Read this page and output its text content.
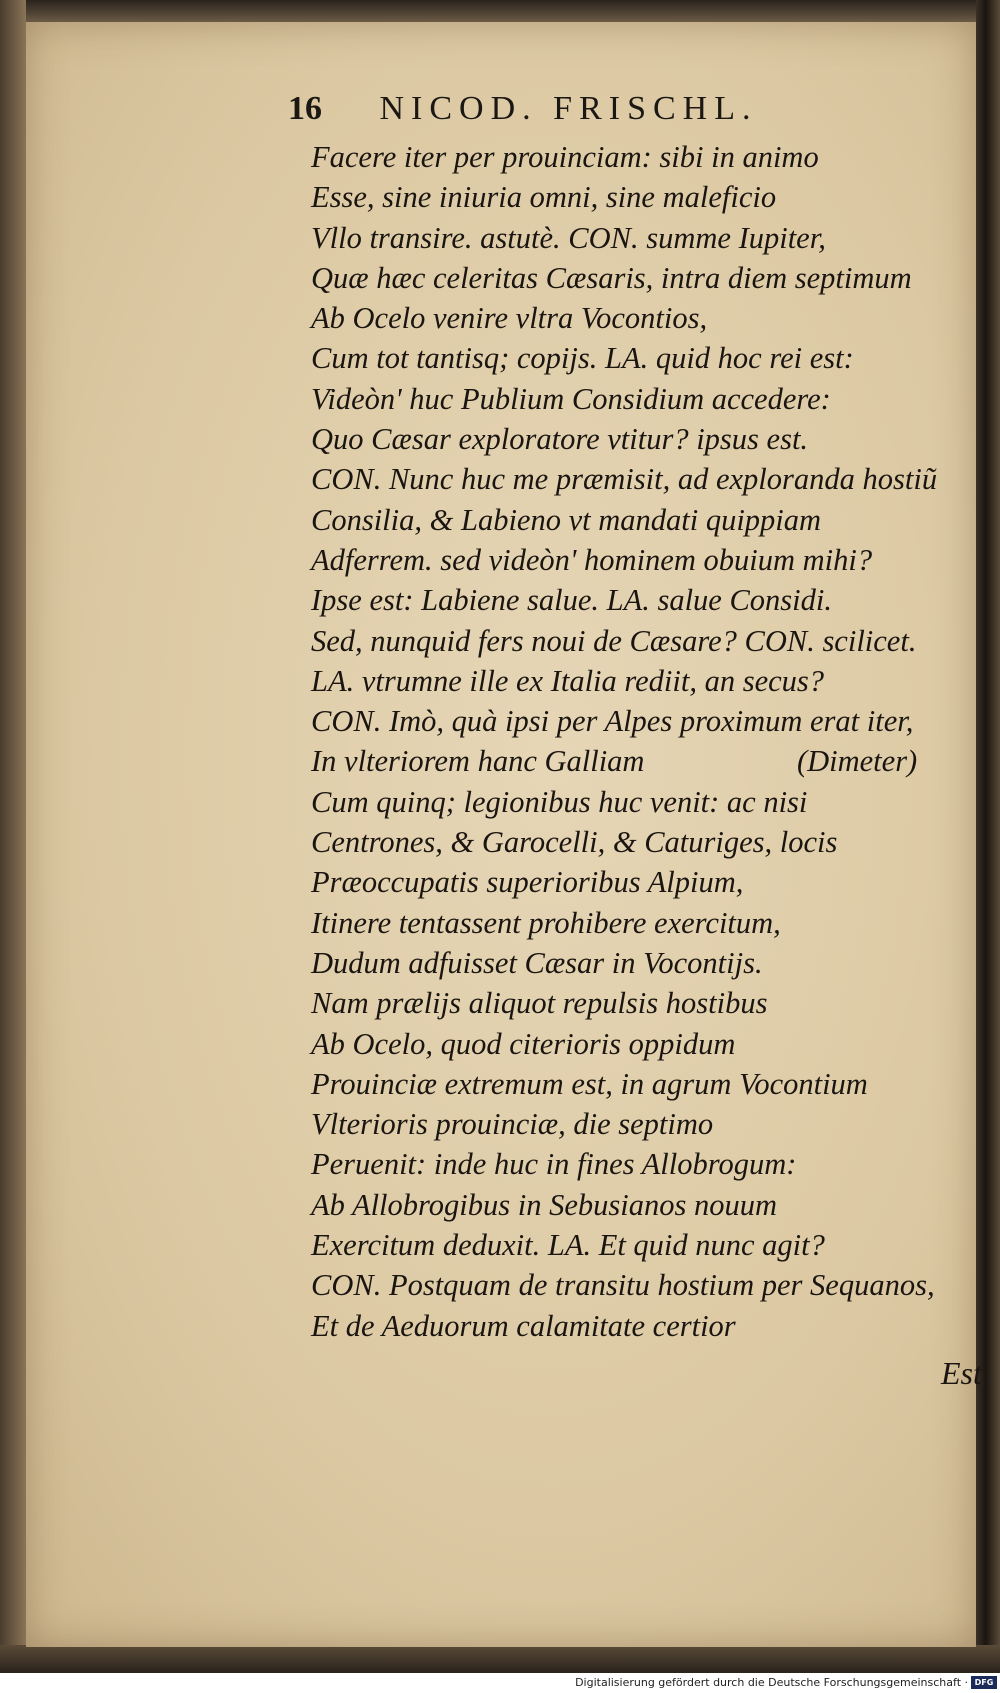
16 NICOD. FRISCHL.
Facere iter per prouinciam: sibi in animo
Esse, sine iniuria omni, sine maleficio
Vllo transire. astutè. CON. summe Iupiter,
Quæ hæc celeritas Cæsaris, intra diem septimum
Ab Ocelo venire vltra Vocontios,
Cum tot tantisq; copijs. LA. quid hoc rei est:
Videòn' huc Publium Considium accedere:
Quo Cæsar exploratore vtitur? ipsus est.
CON. Nunc huc me præmisit, ad exploranda hostiũ
Consilia, & Labieno vt mandati quippiam
Adferrem. sed videòn' hominem obuium mihi?
Ipse est: Labiene salue. LA. salue Considi.
Sed, nunquid fers noui de Cæsare? CON. scilicet.
LA. vtrumne ille ex Italia rediit, an secus?
CON. Imò, quà ipsi per Alpes proximum erat iter,
In vlteriorem hanc Galliam                    (Dimeter)
Cum quinq; legionibus huc venit: ac nisi
Centrones, & Garocelli, & Caturiges, locis
Præoccupatis superioribus Alpium,
Itinere tentassent prohibere exercitum,
Dudum adfuisset Cæsar in Vocontijs.
Nam prælijs aliquot repulsis hostibus
Ab Ocelo, quod citerioris oppidum
Prouinciæ extremum est, in agrum Vocontium
Vlterioris prouinciæ, die septimo
Peruenit: inde huc in fines Allobrogum:
Ab Allobrogibus in Sebusianos nouum
Exercitum deduxit. LA. Et quid nunc agit?
CON. Postquam de transitu hostium per Sequanos,
Et de Aeduorum calamitate certior
Est
Digitalisierung gefördert durch die Deutsche Forschungsgemeinschaft · DFG
